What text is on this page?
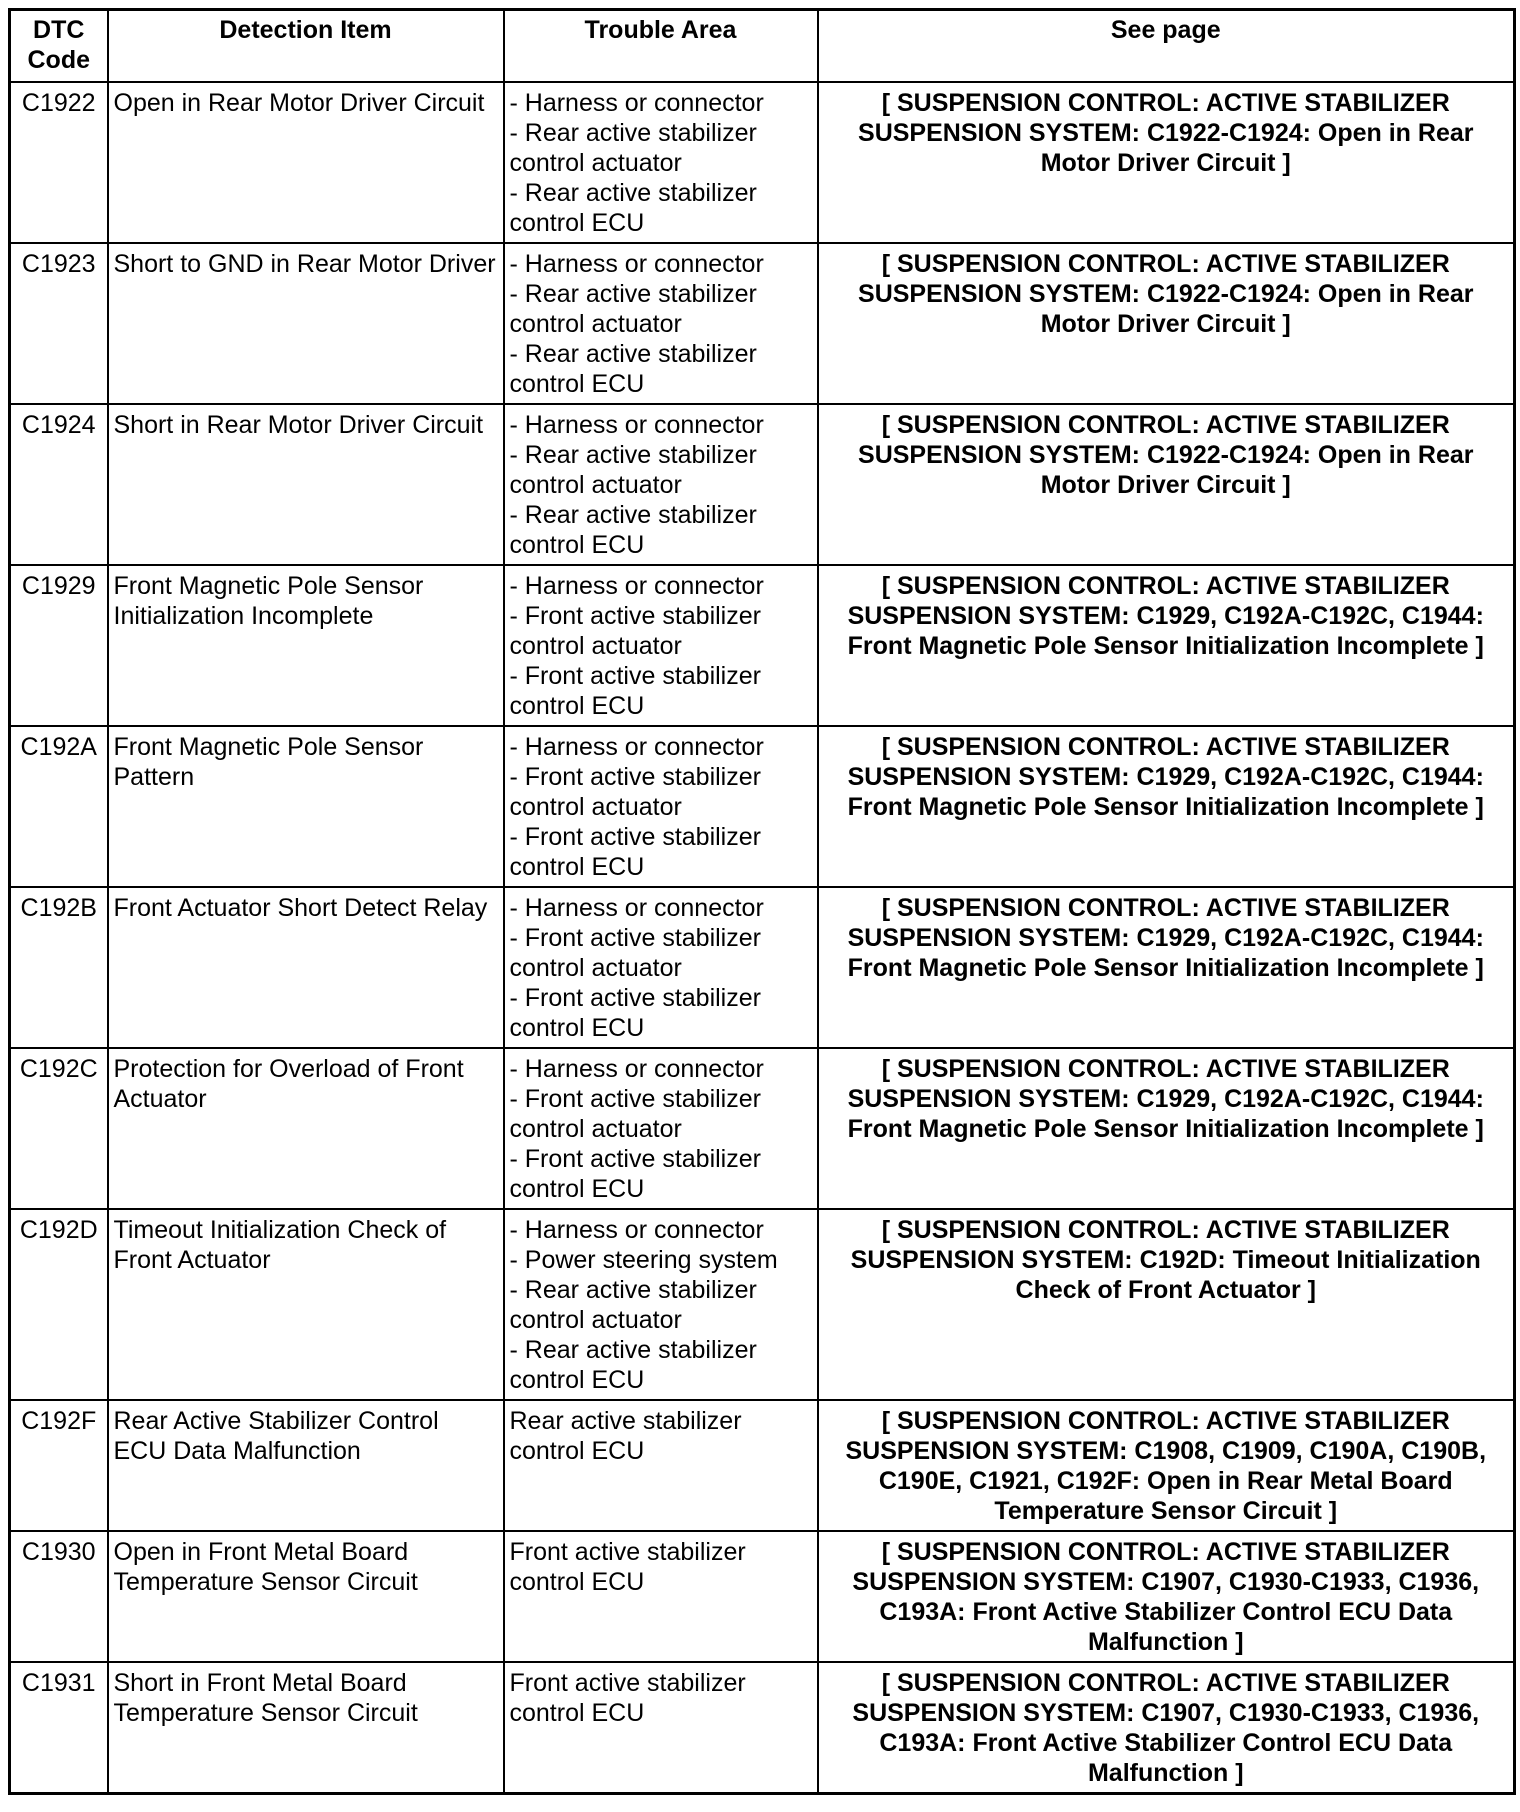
DTC
Code	Detection Item	Trouble Area	See page
C1922	Open in Rear Motor Driver Circuit	- Harness or connector
- Rear active stabilizer control actuator
- Rear active stabilizer control ECU	[ SUSPENSION CONTROL: ACTIVE STABILIZER SUSPENSION SYSTEM: C1922-C1924: Open in Rear Motor Driver Circuit ]
C1923	Short to GND in Rear Motor Driver	- Harness or connector
- Rear active stabilizer control actuator
- Rear active stabilizer control ECU	[ SUSPENSION CONTROL: ACTIVE STABILIZER SUSPENSION SYSTEM: C1922-C1924: Open in Rear Motor Driver Circuit ]
C1924	Short in Rear Motor Driver Circuit	- Harness or connector
- Rear active stabilizer control actuator
- Rear active stabilizer control ECU	[ SUSPENSION CONTROL: ACTIVE STABILIZER SUSPENSION SYSTEM: C1922-C1924: Open in Rear Motor Driver Circuit ]
C1929	Front Magnetic Pole Sensor Initialization Incomplete	- Harness or connector
- Front active stabilizer control actuator
- Front active stabilizer control ECU	[ SUSPENSION CONTROL: ACTIVE STABILIZER SUSPENSION SYSTEM: C1929, C192A-C192C, C1944: Front Magnetic Pole Sensor Initialization Incomplete ]
C192A	Front Magnetic Pole Sensor Pattern	- Harness or connector
- Front active stabilizer control actuator
- Front active stabilizer control ECU	[ SUSPENSION CONTROL: ACTIVE STABILIZER SUSPENSION SYSTEM: C1929, C192A-C192C, C1944: Front Magnetic Pole Sensor Initialization Incomplete ]
C192B	Front Actuator Short Detect Relay	- Harness or connector
- Front active stabilizer control actuator
- Front active stabilizer control ECU	[ SUSPENSION CONTROL: ACTIVE STABILIZER SUSPENSION SYSTEM: C1929, C192A-C192C, C1944: Front Magnetic Pole Sensor Initialization Incomplete ]
C192C	Protection for Overload of Front Actuator	- Harness or connector
- Front active stabilizer control actuator
- Front active stabilizer control ECU	[ SUSPENSION CONTROL: ACTIVE STABILIZER SUSPENSION SYSTEM: C1929, C192A-C192C, C1944: Front Magnetic Pole Sensor Initialization Incomplete ]
C192D	Timeout Initialization Check of Front Actuator	- Harness or connector
- Power steering system
- Rear active stabilizer control actuator
- Rear active stabilizer control ECU	[ SUSPENSION CONTROL: ACTIVE STABILIZER SUSPENSION SYSTEM: C192D: Timeout Initialization Check of Front Actuator ]
C192F	Rear Active Stabilizer Control ECU Data Malfunction	Rear active stabilizer control ECU	[ SUSPENSION CONTROL: ACTIVE STABILIZER SUSPENSION SYSTEM: C1908, C1909, C190A, C190B, C190E, C1921, C192F: Open in Rear Metal Board Temperature Sensor Circuit ]
C1930	Open in Front Metal Board Temperature Sensor Circuit	Front active stabilizer control ECU	[ SUSPENSION CONTROL: ACTIVE STABILIZER SUSPENSION SYSTEM: C1907, C1930-C1933, C1936, C193A: Front Active Stabilizer Control ECU Data Malfunction ]
C1931	Short in Front Metal Board Temperature Sensor Circuit	Front active stabilizer control ECU	[ SUSPENSION CONTROL: ACTIVE STABILIZER SUSPENSION SYSTEM: C1907, C1930-C1933, C1936, C193A: Front Active Stabilizer Control ECU Data Malfunction ]
